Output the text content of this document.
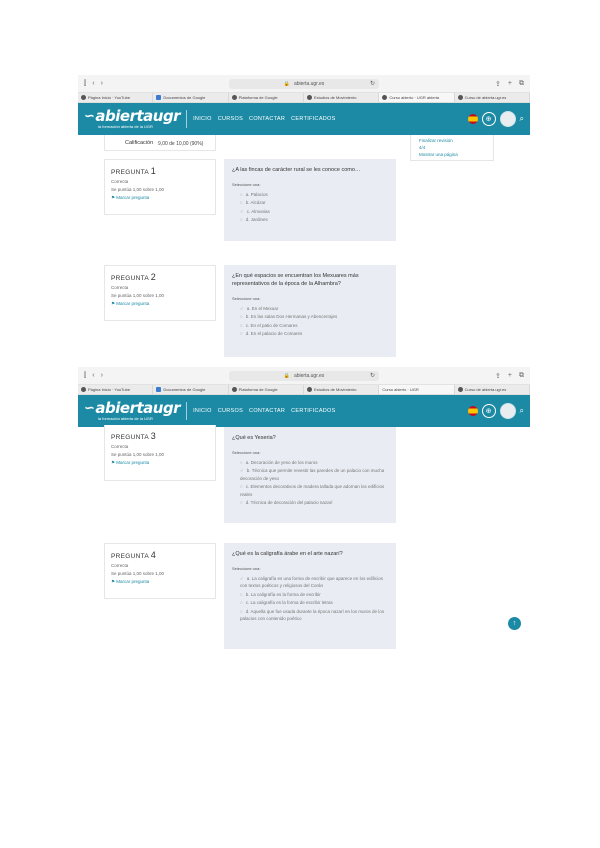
⫿ ‹ ›	🔒 abierta.ugr.es	↻	⇪ + ⧉
Página Inicio · YouTube	Documentos de Google	Plataforma de Google	Estudios de Movimiento	Curso abierto · UGR abierta	Curso de abierta.ugr.es
∽ abiertaugr
la formación abierta de la UGR
INICIO CURSOS CONTACTAR CERTIFICADOS	⊕	⌕
Calificación 9,00 de 10,00 (90%)
Finalizar revisión
4/4
Mostrar una página
PREGUNTA 1
Correcta
Se puntúa 1,00 sobre 1,00
⚑ Marcar pregunta
¿A las fincas de carácter rural se les conoce como…
Seleccione una:
○ a. Palacios
○ b. Alcázar
✓ c. Almunias
○ d. Jardines
PREGUNTA 2
Correcta
Se puntúa 1,00 sobre 1,00
⚑ Marcar pregunta
¿En qué espacios se encuentran los Mexuares más representativos de la época de la Alhambra?
Seleccione una:
✓ a. En el Mexuar
○ b. En las salas Dos Hermanas y Abencerrajes
○ c. En el patio de Comares
○ d. En el palacio de Comares
⫿ ‹ ›	🔒 abierta.ugr.es	↻	⇪ + ⧉
Página Inicio · YouTube	Documentos de Google	Plataforma de Google	Estudios de Movimiento	Curso abierto · UGR	Curso de abierta.ugr.es
∽ abiertaugr
la formación abierta de la UGR
INICIO CURSOS CONTACTAR CERTIFICADOS	⊕	⌕
PREGUNTA 3
Correcta
Se puntúa 1,00 sobre 1,00
⚑ Marcar pregunta
¿Qué es Yeseria?
Seleccione una:
○ a. Decoración de yeso de los muros
✓ b. Técnica que permite revestir las paredes de un palacio con mucha decoración de yeso
○ c. Elementos decorativos de madera tallada que adornan los edificios reales
○ d. Técnica de decoración del palacio nazarí
PREGUNTA 4
Correcta
Se puntúa 1,00 sobre 1,00
⚑ Marcar pregunta
¿Qué es la caligrafía árabe en el arte nazarí?
Seleccione una:
✓ a. La caligrafía es una forma de escribir que aparece en los edificios con textos poéticos y religiosos del Corán
○ b. La caligrafía es la forma de escribir
○ c. La caligrafía es la forma de escribir letras
○ d. Aquella que fue usada durante la época nazarí en los muros de los palacios con contenido poético
↑
